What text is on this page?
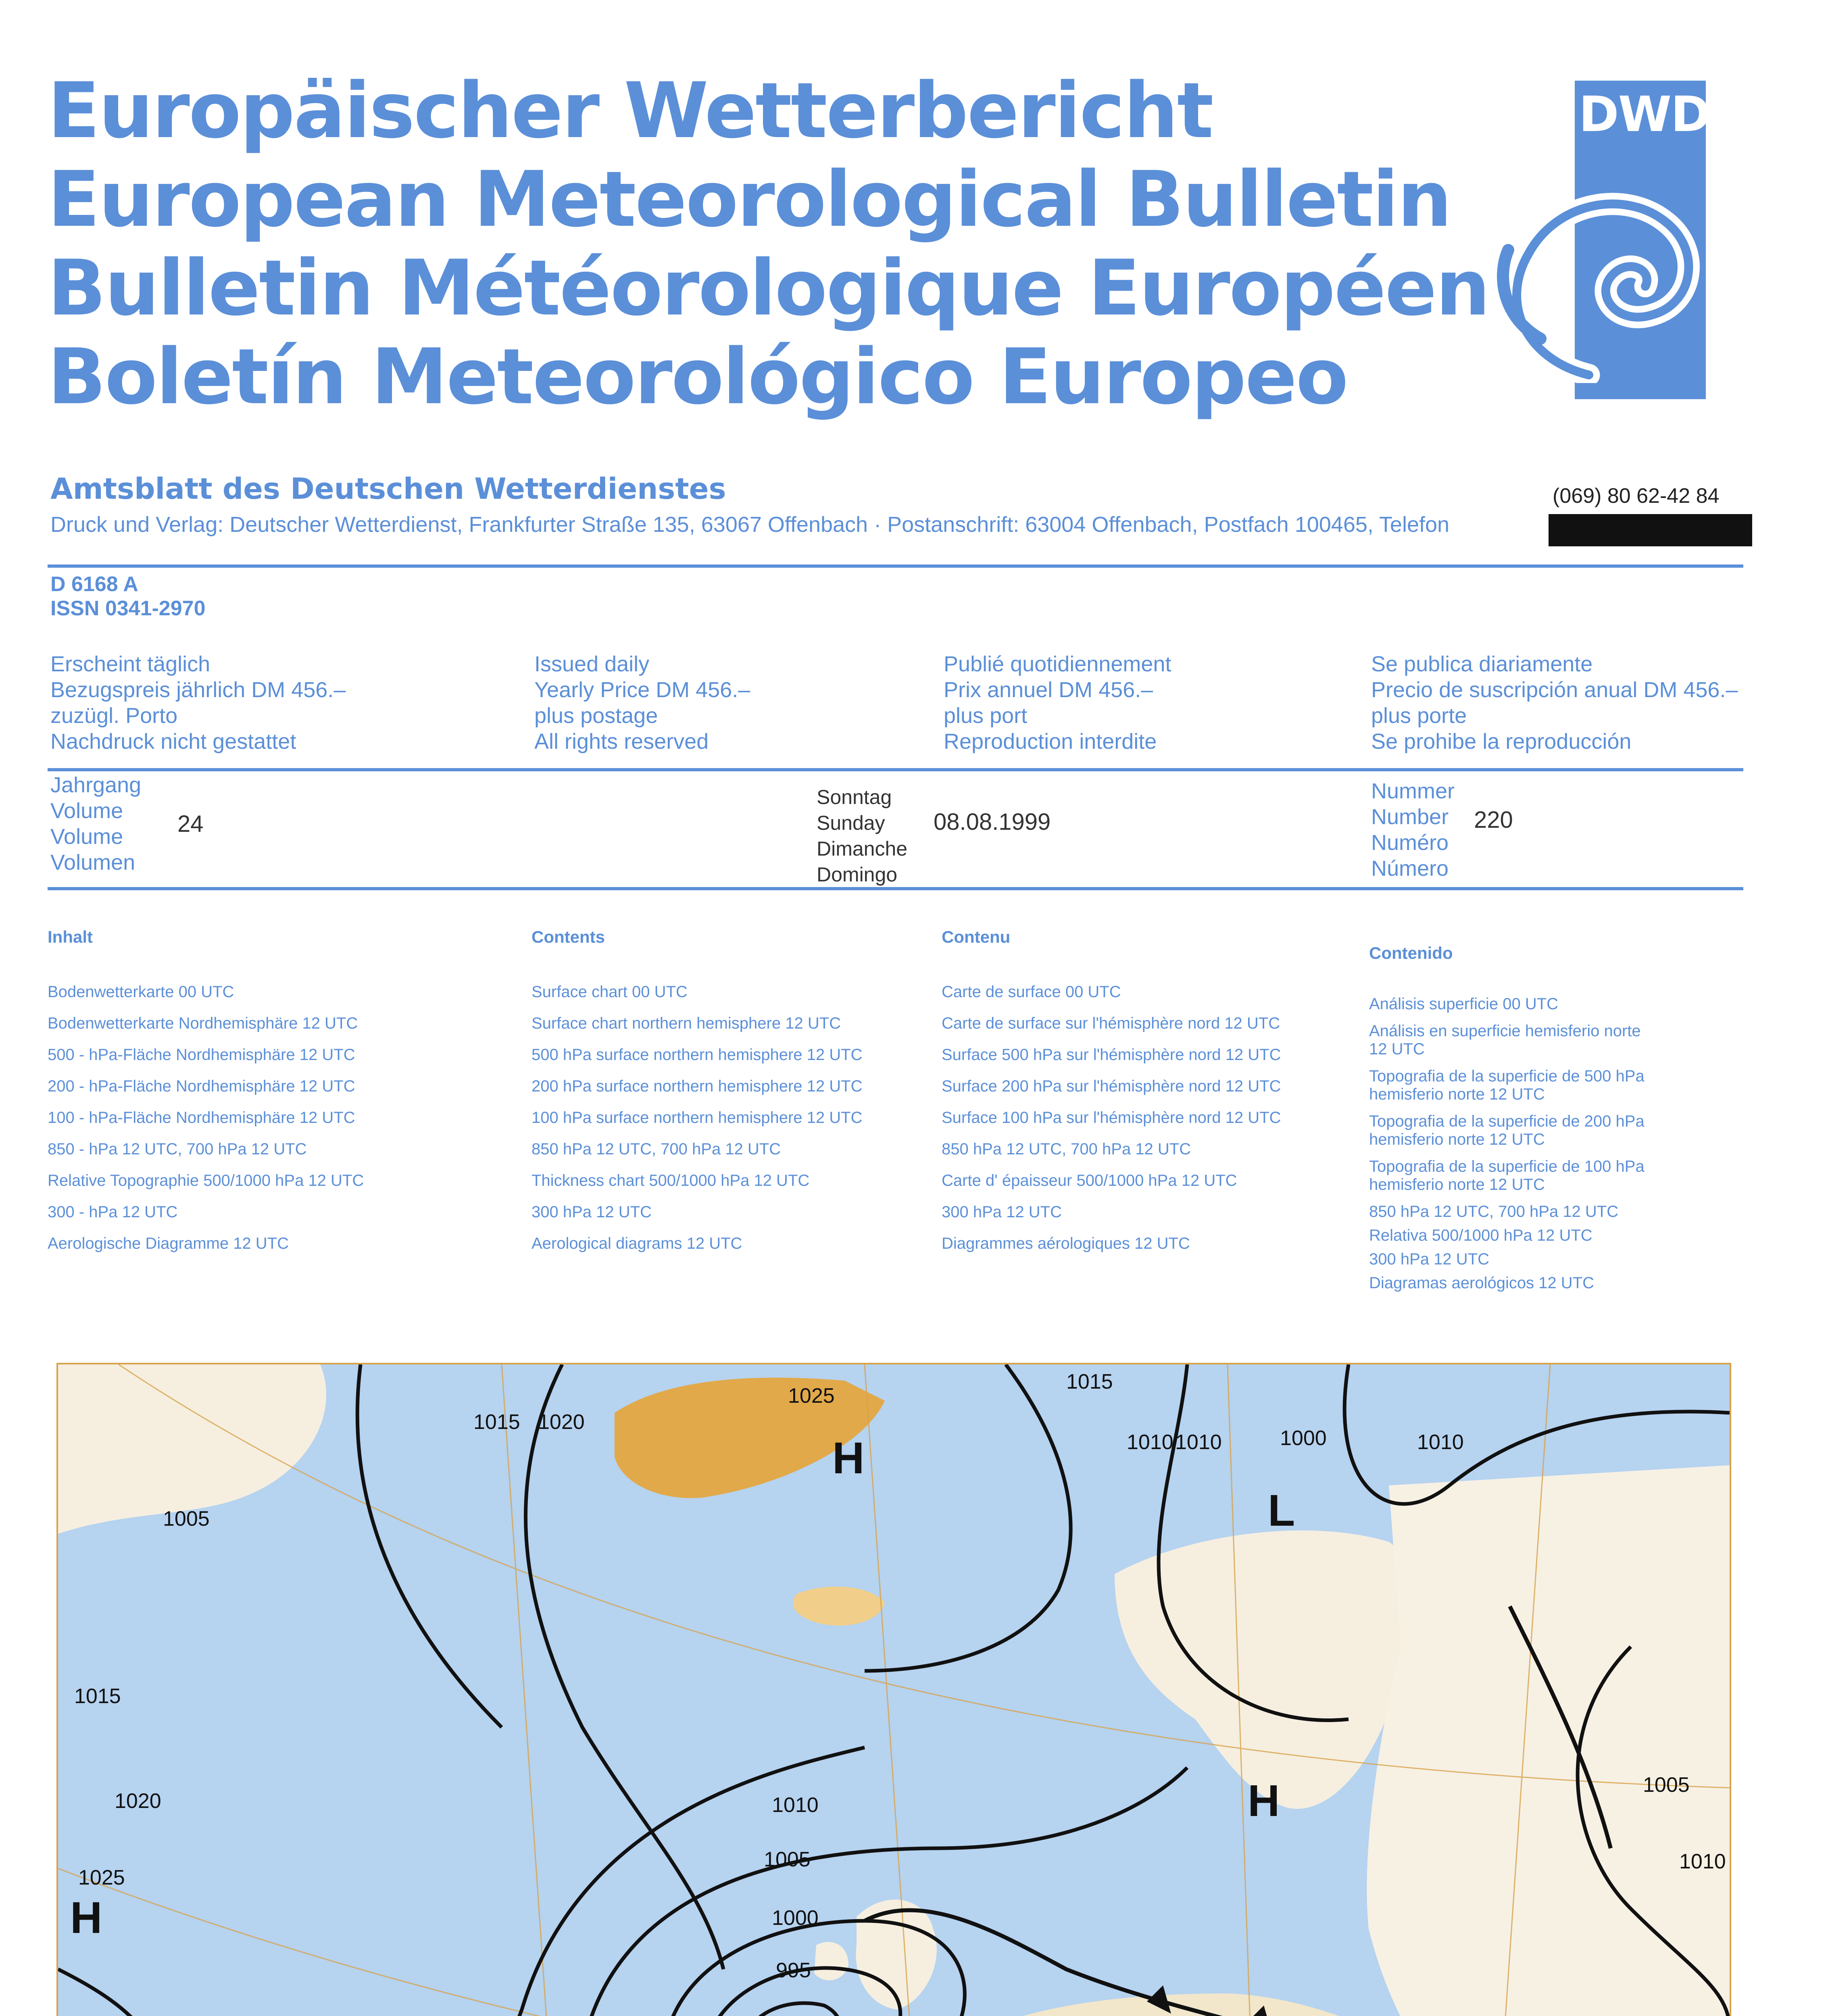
Europäischer Wetterbericht
European Meteorological Bulletin
Bulletin Météorologique Européen
Boletín Meteorológico Europeo
DWD
Amtsblatt des Deutschen Wetterdienstes	(069) 80 62-42 84
Druck und Verlag: Deutscher Wetterdienst, Frankfurter Straße 135, 63067 Offenbach · Postanschrift: 63004 Offenbach, Postfach 100465, Telefon
D 6168 A
ISSN 0341-2970
Erscheint täglich
Bezugspreis jährlich DM 456.–
zuzügl. Porto
Nachdruck nicht gestattet
Issued daily
Yearly Price DM 456.–
plus postage
All rights reserved
Publié quotidiennement
Prix annuel DM 456.–
plus port
Reproduction interdite
Se publica diariamente
Precio de suscripción anual DM 456.–
plus porte
Se prohibe la reproducción
Jahrgang
Volume
Volume
Volumen
24
Sonntag
Sunday
Dimanche
Domingo
08.08.1999
Nummer
Number
Numéro
Número
220
Inhalt
Bodenwetterkarte 00 UTC
Bodenwetterkarte Nordhemisphäre 12 UTC
500 - hPa-Fläche Nordhemisphäre 12 UTC
200 - hPa-Fläche Nordhemisphäre 12 UTC
100 - hPa-Fläche Nordhemisphäre 12 UTC
850 - hPa 12 UTC, 700 hPa 12 UTC
Relative Topographie 500/1000 hPa 12 UTC
300 - hPa 12 UTC
Aerologische Diagramme 12 UTC
Contents
Surface chart 00 UTC
Surface chart northern hemisphere 12 UTC
500 hPa surface northern hemisphere 12 UTC
200 hPa surface northern hemisphere 12 UTC
100 hPa surface northern hemisphere 12 UTC
850 hPa 12 UTC, 700 hPa 12 UTC
Thickness chart 500/1000 hPa 12 UTC
300 hPa 12 UTC
Aerological diagrams 12 UTC
Contenu
Carte de surface 00 UTC
Carte de surface sur l'hémisphère nord 12 UTC
Surface 500 hPa sur l'hémisphère nord 12 UTC
Surface 200 hPa sur l'hémisphère nord 12 UTC
Surface 100 hPa sur l'hémisphère nord 12 UTC
850 hPa 12 UTC, 700 hPa 12 UTC
Carte d' épaisseur 500/1000 hPa 12 UTC
300 hPa 12 UTC
Diagrammes aérologiques 12 UTC
Contenido
Análisis superficie 00 UTC
Análisis en superficie hemisferio norte 12 UTC
Topografia de la superficie de 500 hPa hemisferio norte 12 UTC
Topografia de la superficie de 200 hPa hemisferio norte 12 UTC
Topografia de la superficie de 100 hPa hemisferio norte 12 UTC
850 hPa 12 UTC, 700 hPa 12 UTC
Relativa 500/1000 hPa 12 UTC
300 hPa 12 UTC
Diagramas aerológicos 12 UTC
1025
1015
1010
1015 1020
1005
1000
1010	1010
1005
1020
1025
1015
1010
1005
1000
995
1010
H
L
H
H
